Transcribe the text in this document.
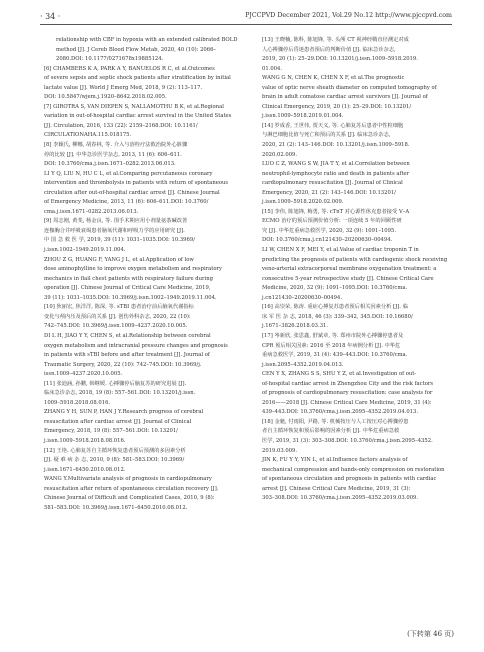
· 34 ·	PJCCPVD December 2021, Vol.29 No.12 http://www.pjccpvd.com
relationship with CBF in hypoxia with an extended calibrated BOLD
method [J]. J Cereb Blood Flow Metab, 2020, 40 (10): 2066–
2080.DOI: 10.1177/0271678x19885124.
[6] CHAMBERS K A, PARK A Y, BANUELOS R C, et al.Outcomes
of severe sepsis and septic shock patients after stratification by initial
lactate value [J]. World J Emerg Med, 2018, 9 (2): 113–117.
DOI: 10.5847/wjem.j.1920–8642.2018.02.005.
[7] GIROTRA S, VAN DIEPEN S, NALLAMOTHU B K, et al.Regional
variation in out-of-hospital cardiac arrest survival in the United States
[J]. Circulation, 2016, 133 (22): 2159–2168.DOI: 10.1161/
CIRCULATIONAHA.115.018175.
[8] 李颖氏, 柳娜, 胡春林, 等. 介入与溶栓疗法救治院外心脏骤
停的比较 [J]. 中华急诊医学杂志, 2013, 11 (6): 606–611.
DOI: 10.3760/cma.j.issn.1671–0282.2013.06.013.
LI Y Q, LIU N, HU C L, et al.Comparing percutaneous coronary
intervention and thrombolysis in patients with return of spontaneous
circulation after out-of-hospital cardiac arrest [J]. Chinese Journal
of Emergency Medicine, 2013, 11 (6): 606–611.DOI: 10.3760/
cma.j.issn.1671–0282.2013.06.013.
[9] 周志刚, 黄斐, 杨金良, 等. 围手术期应用小剂量氨茶碱改善
连枷胸合并呼吸衰竭患者脑氧代谢和呼吸力学的应用研究 [J].
中 国 急 救 医 学, 2019, 39 (11): 1031–1035.DOI: 10.3969/
j.issn.1002–1949.2019.11.004.
ZHOU Z G, HUANG F, YANG J L, et al.Application of low
dose aminophylline to improve oxygen metabolism and respiratory
mechanics in flail chest patients with respiratory failure during
operation [J]. Chinese Journal of Critical Care Medicine, 2019,
39 (11): 1031–1035.DOI: 10.3969/j.issn.1002–1949.2019.11.004.
[10] 狄丽宏, 焦洋洋, 陈深, 等. sTBI 患者治疗前后脑氧代谢指标
变化与颅内压及预后的关系 [J]. 创伤外科杂志, 2020, 22 (10):
742–745.DOI: 10.3969/j.issn.1009–4237.2020.10.005.
DI L H, JIAO Y Y, CHEN S, et al.Relationship between cerebral
oxygen metabolism and intracranial pressure changes and prognosis
in patients with sTBI before and after treatment [J]. Journal of
Traumatic Surgery, 2020, 22 (10): 742–745.DOI: 10.3969/j.
issn.1009–4237.2020.10.005.
[11] 张迪涵, 孙鹏, 韩继媛. 心搏骤停后脑复苏的研究进展 [J].
临床急诊杂志, 2018, 19 (8): 557–561.DOI: 10.13201/j.issn.
1009–5918.2018.08.016.
ZHANG Y H, SUN P, HAN J Y.Research progress of cerebral
resuscitation after cardiac arrest [J]. Journal of Clinical
Emergency, 2018, 19 (8): 557–561.DOI: 10.13201/
j.issn.1009–5918.2018.08.016.
[12] 王艳. 心肺复苏自主循环恢复患者预后预测的多因素分析
[J]. 疑 难 病 杂 志, 2010, 9 (8): 581–583.DOI: 10.3969/
j.issn.1671–6450.2010.08.012.
WANG Y.Multivariate analysis of prognosis in cardiopulmonary
resuscitation after return of spontaneous circulation recovery [J].
Chinese Journal of Difficult and Complicated Cases, 2010, 9 (8):
581–583.DOI: 10.3969/j.issn.1671–6450.2010.08.012.
[13] 王晓楠, 陈科, 陈旭锋, 等. 头颅 CT 视神经鞘直径测定对成
人心搏骤停后昏迷患者预后的判断价值 [J]. 临床急诊杂志,
2019, 20 (1): 25–29.DOI: 10.13201/j.issn.1009–5918.2019.
01.004.
WANG G N, CHEN K, CHEN X F, et al.The prognostic
value of optic nerve sheath diameter on computed tomography of
brain in adult comatose cardiac arrest survivors [J]. Journal of
Clinical Emergency, 2019, 20 (1): 25–29.DOI: 10.13201/
j.issn.1009–5918.2019.01.004.
[14] 罗成香, 王世伟, 贾天义, 等. 心肺复苏后患者中性粒细胞
与淋巴细胞比值与死亡和预后的关系 [J]. 临床急诊杂志,
2020, 21 (2): 143–146.DOI: 10.13201/j.issn.1009–5918.
2020.02.009.
LUO C Z, WANG S W, JIA T Y, et al.Correlation between
neutrophil-lymphocyte ratio and death in patients after
cardiopulmonary resuscitation [J]. Journal of Clinical
Emergency, 2020, 21 (2): 143–146.DOI: 10.13201/
j.issn.1009–5918.2020.02.009.
[15] 李伟, 陈旭锋, 梅勇, 等. cTnT 对心源性休克患者接受 V–A
ECMO 治疗的预后预测价值分析: 一项连续 5 年的回顾性研
究 [J]. 中华危重病急救医学, 2020, 32 (9): 1091–1095.
DOI: 10.3760/cma.j.cn121430–20200630–00494.
LI W, CHEN X F, MEI Y, et al.Value of cardiac troponin T in
predicting the prognosis of patients with cardiogenic shock receiving
veno-arterial extracorporeal membrane oxygenation treatment: a
consecutive 5-year retrospective study [J]. Chinese Critical Care
Medicine, 2020, 32 (9): 1091–1095.DOI: 10.3760/cma.
j.cn121430–20200630–00494.
[16] 高崇荣, 陈涛. 重症心搏复苏患者预后相关因素分析 [J]. 临
床 军 医 杂 志, 2018, 46 (3): 339–342, 345.DOI: 10.16680/
j.1671–3826.2018.03.31.
[17] 岑新欣, 张思鑫, 舒斌章, 等. 郑州市院外心搏骤停患者及
CPR 预后相关因素: 2016 至 2018 年病例分析 [J]. 中华危
重病急救医学, 2019, 31 (4): 439–443.DOI: 10.3760/cma.
j.issn.2095–4352.2019.04.013.
CEN Y X, ZHANG S S, SHU Y Z, et al.Investigation of out-
of-hospital cardiac arrest in Zhengzhou City and the risk factors
of prognosis of cardiopulmonary resuscitation: case analysis for
2016——2018 [J]. Chinese Critical Care Medicine, 2019, 31 (4):
439–443.DOI: 10.3760/cma.j.issn.2095–4352.2019.04.013.
[18] 金魁, 付雨阳, 尹路, 等. 机械按压与人工按压对心搏骤停患
者自主循环恢复和预后影响的因素分析 [J]. 中华危重病急救
医学, 2019, 31 (3): 303–308.DOI: 10.3760/cma.j.issn.2095–4352.
2019.03.009.
JIN K, FU Y Y, YIN L, et al.Influence factors analysis of
mechanical compression and hands-only compression on restoration
of spontaneous circulation and prognosis in patients with cardiac
arrest [J]. Chinese Critical Care Medicine, 2019, 31 (3):
303–308.DOI: 10.3760/cma.j.issn.2095–4352.2019.03.009.
(下转第 46 页)
